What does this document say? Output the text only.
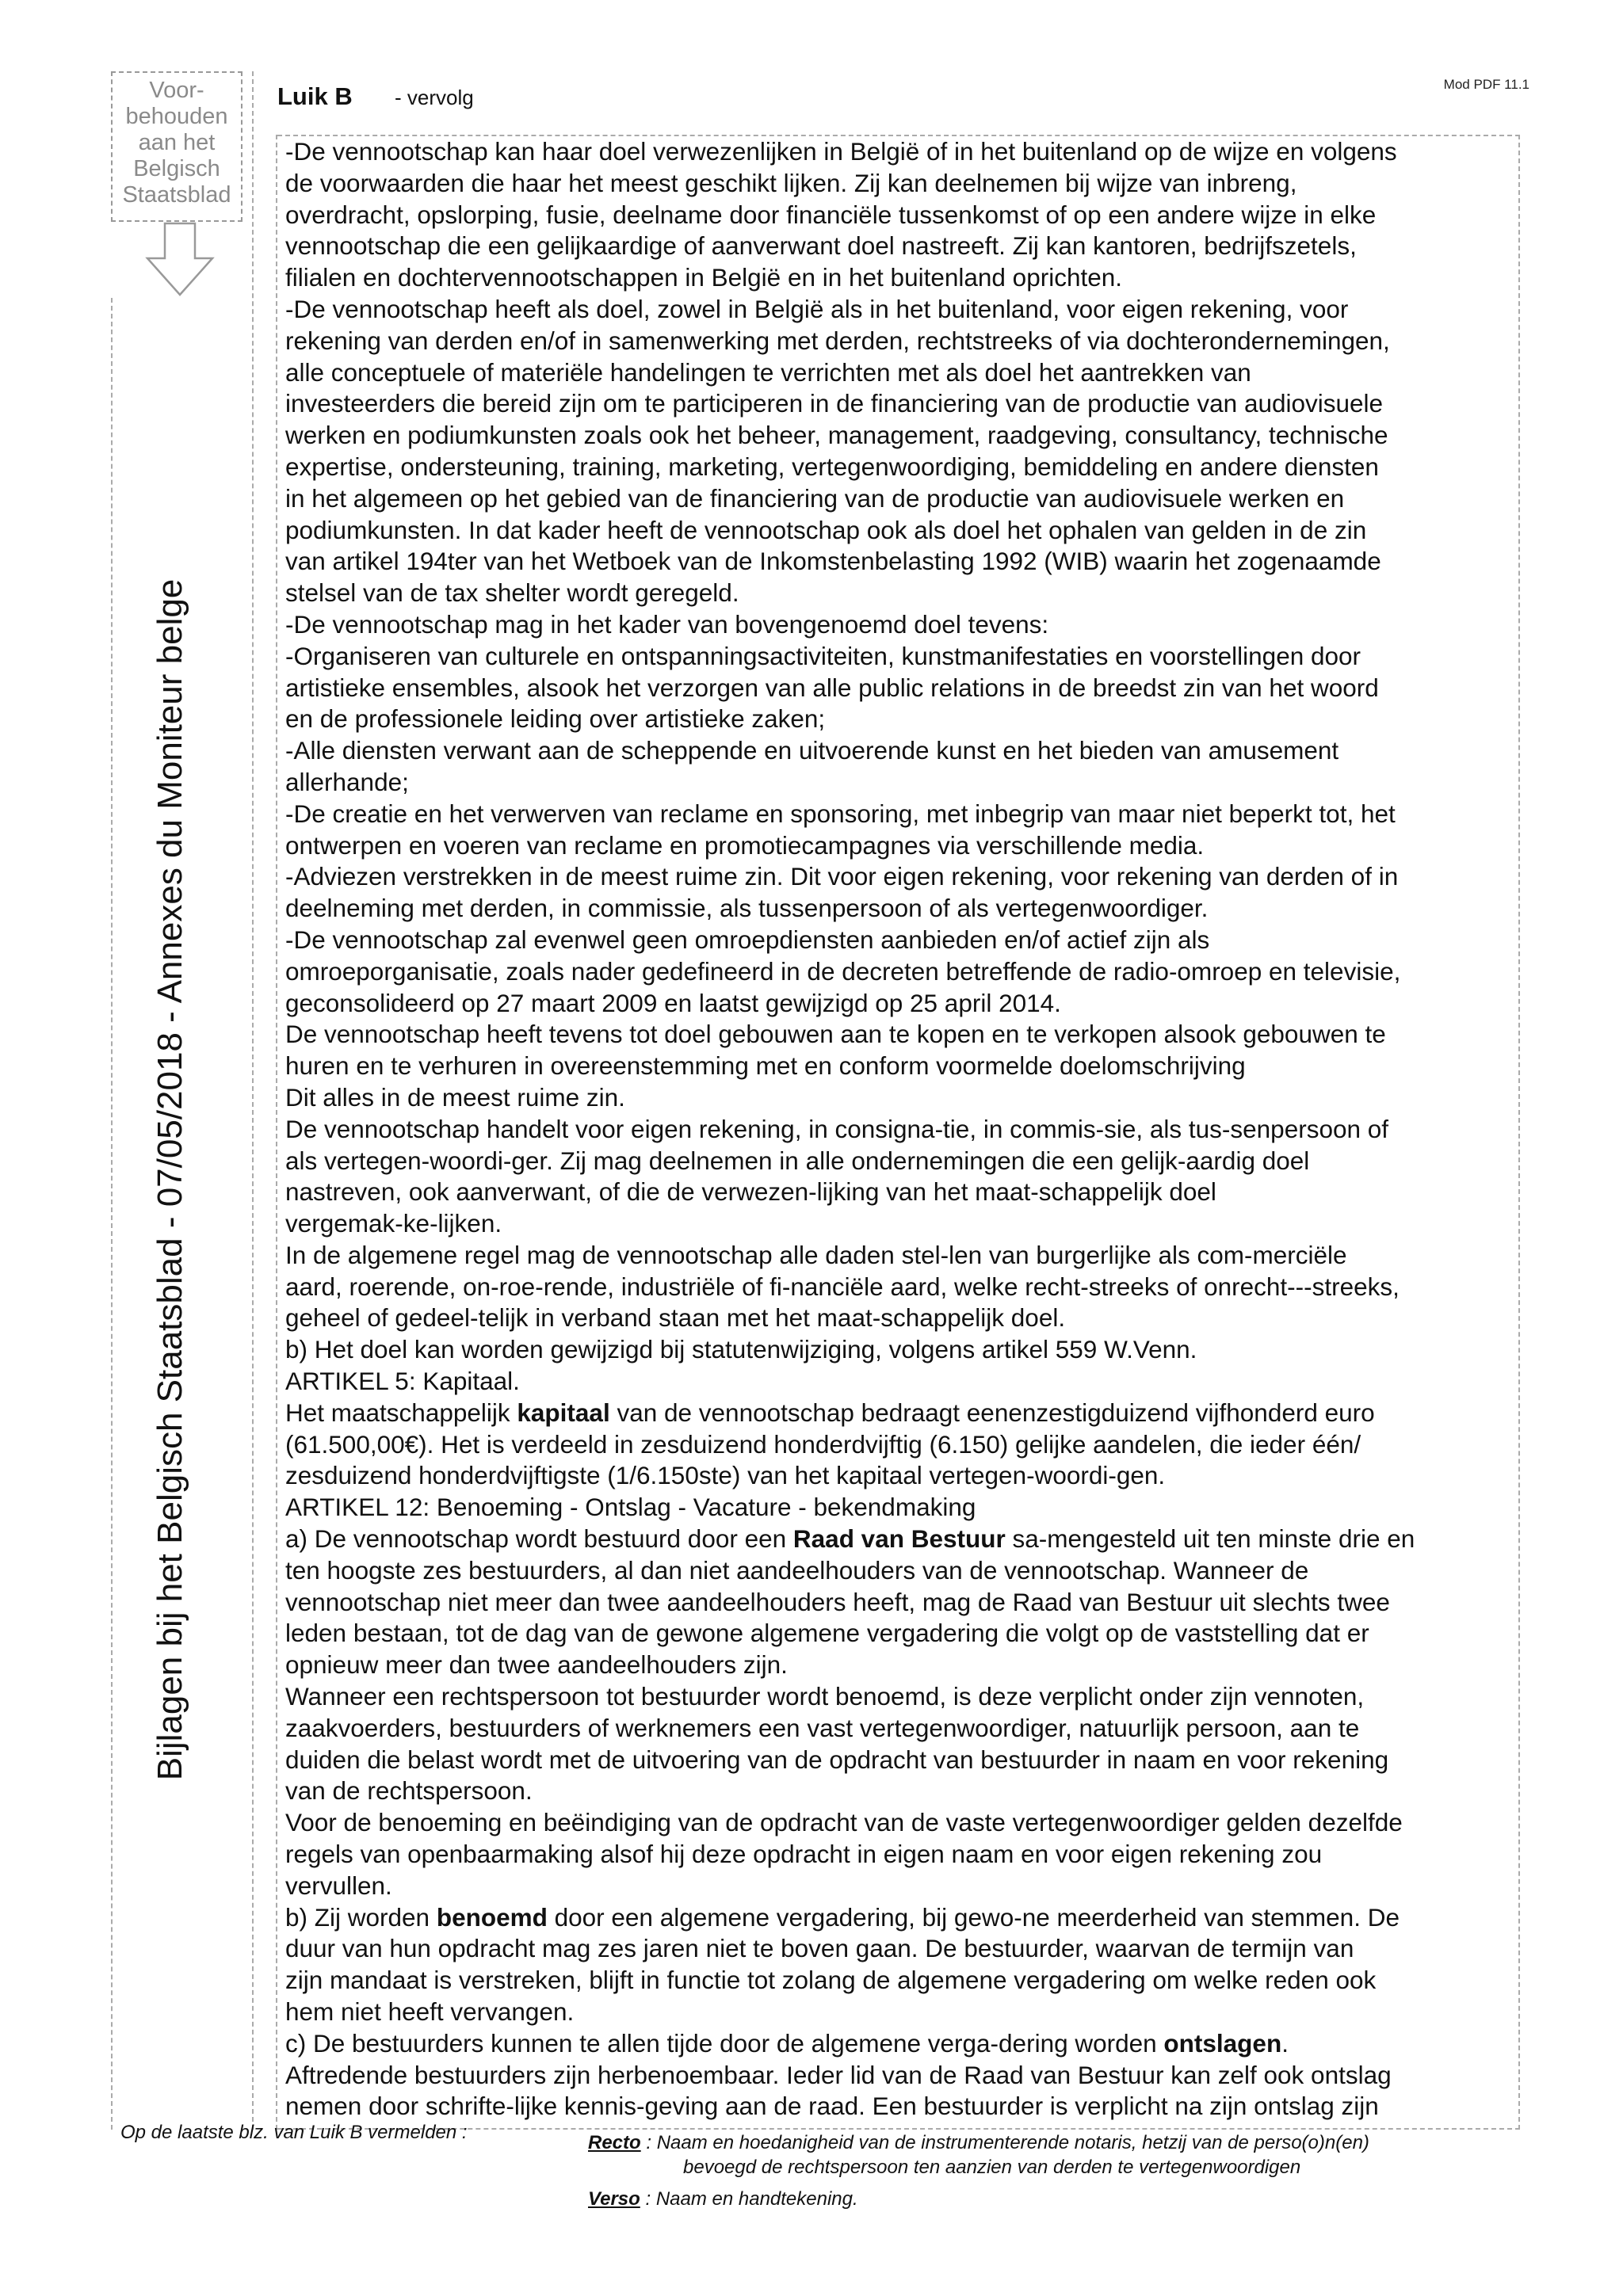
Voor-
behouden
aan het
Belgisch
Staatsblad
Bijlagen bij het Belgisch Staatsblad - 07/05/2018 - Annexes du Moniteur belge
Luik B - vervolg
Mod PDF 11.1

-De vennootschap kan haar doel verwezenlijken in België of in het buitenland op de wijze en volgens
de voorwaarden die haar het meest geschikt lijken. Zij kan deelnemen bij wijze van inbreng,
overdracht, opslorping, fusie, deelname door financiële tussenkomst of op een andere wijze in elke
vennootschap die een gelijkaardige of aanverwant doel nastreeft. Zij kan kantoren, bedrijfszetels,
filialen en dochtervennootschappen in België en in het buitenland oprichten.
-De vennootschap heeft als doel, zowel in België als in het buitenland, voor eigen rekening, voor
rekening van derden en/of in samenwerking met derden, rechtstreeks of via dochterondernemingen,
alle conceptuele of materiële handelingen te verrichten met als doel het aantrekken van
investeerders die bereid zijn om te participeren in de financiering van de productie van audiovisuele
werken en podiumkunsten zoals ook het beheer, management, raadgeving, consultancy, technische
expertise, ondersteuning, training, marketing, vertegenwoordiging, bemiddeling en andere diensten
in het algemeen op het gebied van de financiering van de productie van audiovisuele werken en
podiumkunsten. In dat kader heeft de vennootschap ook als doel het ophalen van gelden in de zin
van artikel 194ter van het Wetboek van de Inkomstenbelasting 1992 (WIB) waarin het zogenaamde
stelsel van de tax shelter wordt geregeld.
-De vennootschap mag in het kader van bovengenoemd doel tevens:
-Organiseren van culturele en ontspanningsactiviteiten, kunstmanifestaties en voorstellingen door
artistieke ensembles, alsook het verzorgen van alle public relations in de breedst zin van het woord
en de professionele leiding over artistieke zaken;
-Alle diensten verwant aan de scheppende en uitvoerende kunst en het bieden van amusement
allerhande;
-De creatie en het verwerven van reclame en sponsoring, met inbegrip van maar niet beperkt tot, het
ontwerpen en voeren van reclame en promotiecampagnes via verschillende media.
-Adviezen verstrekken in de meest ruime zin. Dit voor eigen rekening, voor rekening van derden of in
deelneming met derden, in commissie, als tussenpersoon of als vertegenwoordiger.
-De vennootschap zal evenwel geen omroepdiensten aanbieden en/of actief zijn als
omroeporganisatie, zoals nader gedefineerd in de decreten betreffende de radio-omroep en televisie,
geconsolideerd op 27 maart 2009 en laatst gewijzigd op 25 april 2014.
De vennootschap heeft tevens tot doel gebouwen aan te kopen en te verkopen alsook gebouwen te
huren en te verhuren in overeenstemming met en conform voormelde doelomschrijving
Dit alles in de meest ruime zin.
De vennootschap handelt voor eigen rekening, in consigna-tie, in commis-sie, als tus-senpersoon of
als vertegen-woordi-ger. Zij mag deelnemen in alle ondernemingen die een gelijk-aardig doel
nastreven, ook aanverwant, of die de verwezen-lijking van het maat-schappelijk doel
vergemak-ke-lijken.
In de algemene regel mag de vennootschap alle daden stel-len van burgerlijke als com-merciële
aard, roerende, on-roe-rende, industriële of fi-nanciële aard, welke recht-streeks of onrecht---streeks,
geheel of gedeel-telijk in verband staan met het maat-schappelijk doel.
b) Het doel kan worden gewijzigd bij statutenwijziging, volgens artikel 559 W.Venn.
ARTIKEL 5: Kapitaal.
Het maatschappelijk kapitaal van de vennootschap bedraagt eenenzestigduizend vijfhonderd euro
(61.500,00€). Het is verdeeld in zesduizend honderdvijftig (6.150) gelijke aandelen, die ieder één/
zesduizend honderdvijftigste (1/6.150ste) van het kapitaal vertegen-woordi-gen.
ARTIKEL 12: Benoeming - Ontslag - Vacature - bekendmaking
a) De vennootschap wordt bestuurd door een Raad van Bestuur sa-mengesteld uit ten minste drie en
ten hoogste zes bestuurders, al dan niet aandeelhouders van de vennootschap. Wanneer de
vennootschap niet meer dan twee aandeelhouders heeft, mag de Raad van Bestuur uit slechts twee
leden bestaan, tot de dag van de gewone algemene vergadering die volgt op de vaststelling dat er
opnieuw meer dan twee aandeelhouders zijn.
Wanneer een rechtspersoon tot bestuurder wordt benoemd, is deze verplicht onder zijn vennoten,
zaakvoerders, bestuurders of werknemers een vast vertegenwoordiger, natuurlijk persoon, aan te
duiden die belast wordt met de uitvoering van de opdracht van bestuurder in naam en voor rekening
van de rechtspersoon.
Voor de benoeming en beëindiging van de opdracht van de vaste vertegenwoordiger gelden dezelfde
regels van openbaarmaking alsof hij deze opdracht in eigen naam en voor eigen rekening zou
vervullen.
b) Zij worden benoemd door een algemene vergadering, bij gewo-ne meerderheid van stemmen. De
duur van hun opdracht mag zes jaren niet te boven gaan. De bestuurder, waarvan de termijn van
zijn mandaat is verstreken, blijft in functie tot zolang de algemene vergadering om welke reden ook
hem niet heeft vervangen.
c) De bestuurders kunnen te allen tijde door de algemene verga-dering worden ontslagen.
Aftredende bestuurders zijn herbenoembaar. Ieder lid van de Raad van Bestuur kan zelf ook ontslag
nemen door schrifte-lijke kennis-geving aan de raad. Een bestuurder is verplicht na zijn ontslag zijn

Op de laatste blz. van Luik B vermelden :	Recto : Naam en hoedanigheid van de instrumenterende notaris, hetzij van de perso(o)n(en)
bevoegd de rechtspersoon ten aanzien van derden te vertegenwoordigen
Verso : Naam en handtekening.
